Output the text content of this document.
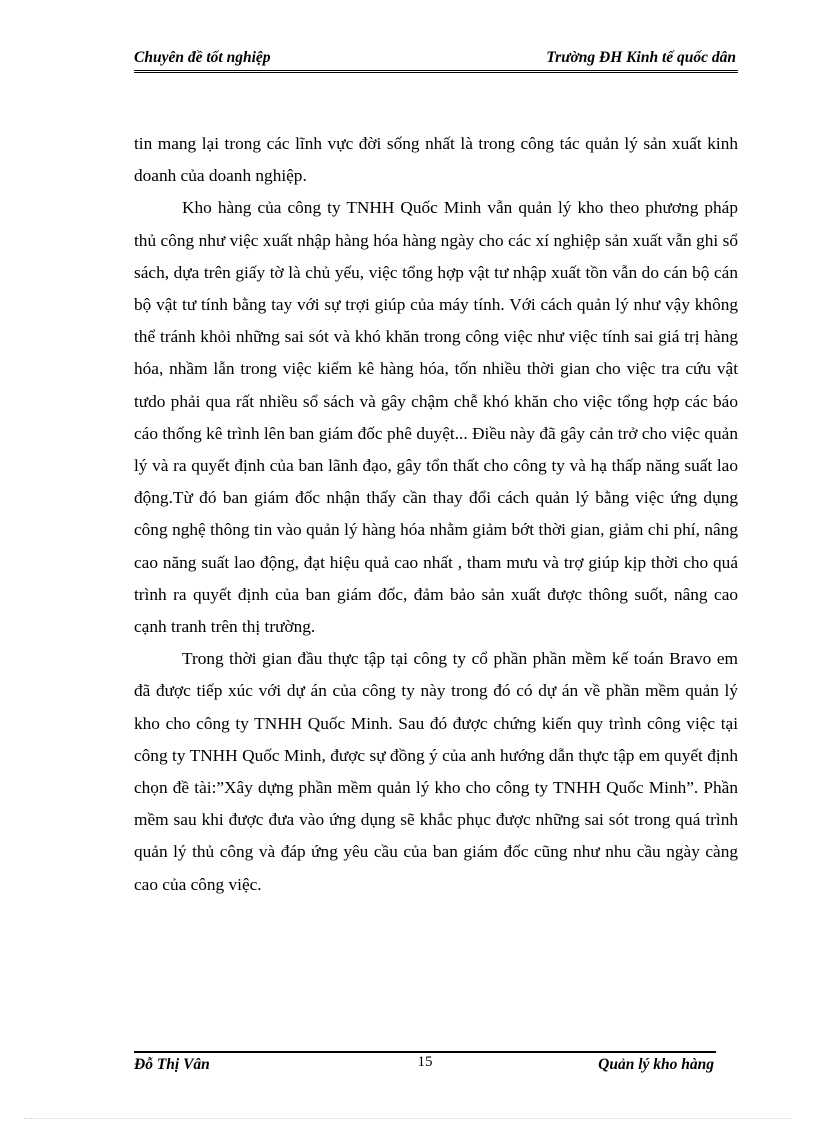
Chuyên đề tốt nghiệp	Trường ĐH Kinh tế quốc dân

tin mang lại trong các lĩnh vực đời sống nhất là trong công tác quản lý sản xuất kinh doanh của doanh nghiệp.

Kho hàng của công ty TNHH Quốc Minh vẫn quản lý kho theo phương pháp thủ công như việc xuất nhập hàng hóa hàng ngày cho các xí nghiệp sản xuất vẫn ghi sổ sách, dựa trên giấy tờ là chủ yếu, việc tổng hợp vật tư nhập xuất tồn vẫn do cán bộ cán bộ vật tư tính bằng tay với sự trợi giúp của máy tính. Với cách quản lý như vậy không thể tránh khỏi những sai sót và khó khăn trong công việc như việc tính sai giá trị hàng hóa, nhầm lẫn trong việc kiểm kê hàng hóa, tốn nhiều thời gian cho việc tra cứu vật tưdo phải qua rất nhiều sổ sách và gây chậm chễ khó khăn cho việc tổng hợp các báo cáo thống kê trình lên ban giám đốc phê duyệt... Điều này đã gây cản trở cho việc quản lý và ra quyết định của ban lãnh đạo, gây tổn thất cho công ty và hạ thấp năng suất lao động.Từ đó ban giám đốc nhận thấy cần thay đổi cách quản lý bằng việc ứng dụng công nghệ thông tin vào quản lý hàng hóa nhằm giảm bớt thời gian, giảm chi phí, nâng cao năng suất lao động, đạt hiệu quả cao nhất , tham mưu và trợ giúp kịp thời cho quá trình ra quyết định của ban giám đốc, đảm bảo sản xuất được thông suốt, nâng cao cạnh tranh trên thị trường.

Trong thời gian đầu thực tập tại công ty cổ phần phần mềm kế toán Bravo em đã được tiếp xúc với dự án của công ty này trong đó có dự án về phần mềm quản lý kho cho công ty TNHH Quốc Minh. Sau đó được chứng kiến quy trình công việc tại công ty TNHH Quốc Minh, được sự đồng ý của anh hướng dẫn thực tập em quyết định chọn đề tài:”Xây dựng phần mềm quản lý kho cho công ty TNHH Quốc Minh”. Phần mềm sau khi được đưa vào ứng dụng sẽ khắc phục được những sai sót trong quá trình quản lý thủ công và đáp ứng yêu cầu của ban giám đốc cũng như nhu cầu ngày càng cao của công việc.

Đỗ Thị Vân	15	Quản lý kho hàng
